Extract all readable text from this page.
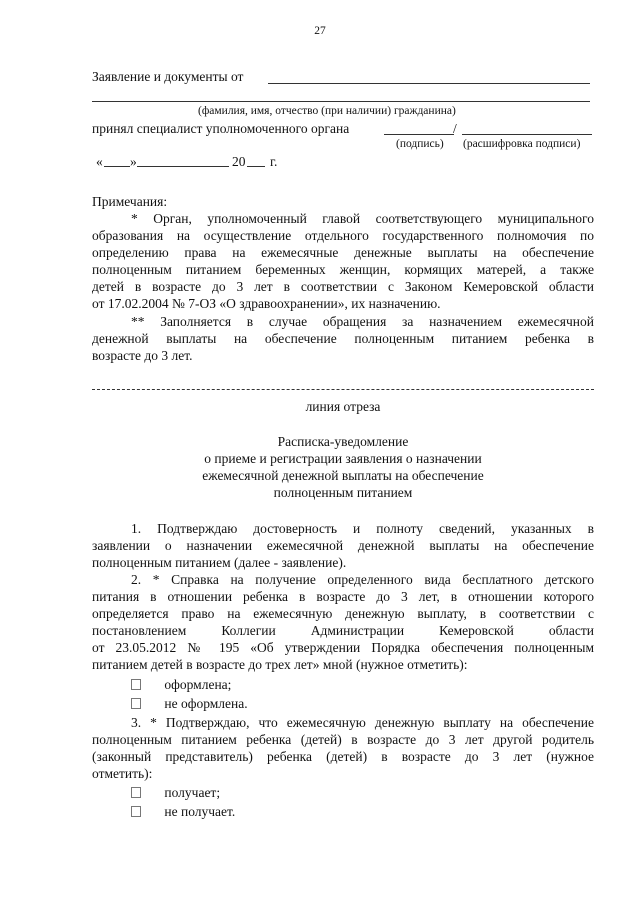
27
Заявление и документы от
(фамилия, имя, отчество (при наличии) гражданина)
принял специалист уполномоченного органа	/
(подпись) (расшифровка подписи)
« »	20 г.
Примечания:
* Орган, уполномоченный главой соответствующего муниципального
образования на осуществление отдельного государственного полномочия по
определению права на ежемесячные денежные выплаты на обеспечение
полноценным питанием беременных женщин, кормящих матерей, а также
детей в возрасте до 3 лет в соответствии с Законом Кемеровской области
от 17.02.2004 № 7-ОЗ «О здравоохранении», их назначению.
** Заполняется в случае обращения за назначением ежемесячной
денежной выплаты на обеспечение полноценным питанием ребенка в
возрасте до 3 лет.
линия отреза
Расписка-уведомление
о приеме и регистрации заявления о назначении
ежемесячной денежной выплаты на обеспечение
полноценным питанием
1. Подтверждаю достоверность и полноту сведений, указанных в
заявлении о назначении ежемесячной денежной выплаты на обеспечение
полноценным питанием (далее - заявление).
2. * Справка на получение определенного вида бесплатного детского
питания в отношении ребенка в возрасте до 3 лет, в отношении которого
определяется право на ежемесячную денежную выплату, в соответствии с
постановлением Коллегии Администрации Кемеровской области
от 23.05.2012 № 195 «Об утверждении Порядка обеспечения полноценным
питанием детей в возрасте до трех лет» мной (нужное отметить):
оформлена;
не оформлена.
3. * Подтверждаю, что ежемесячную денежную выплату на обеспечение
полноценным питанием ребенка (детей) в возрасте до 3 лет другой родитель
(законный представитель) ребенка (детей) в возрасте до 3 лет (нужное
отметить):
получает;
не получает.
